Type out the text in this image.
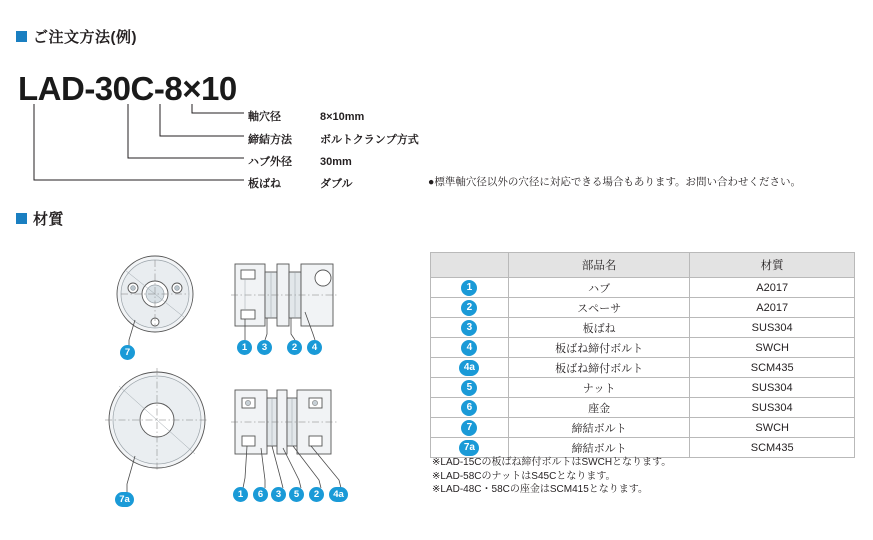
ご注文方法(例)
LAD-30C-8×10
軸穴径	8×10mm
締結方法	ボルトクランプ方式
ハブ外径	30mm
板ばね	ダブル	●標準軸穴径以外の穴径に対応できる場合もあります。お問い合わせください。
材質
7	1	3	2	4
7a	1	6	3	5	2	4a
	部品名	材質
1	ハブ	A2017
2	スペーサ	A2017
3	板ばね	SUS304
4	板ばね締付ボルト	SWCH
4a	板ばね締付ボルト	SCM435
5	ナット	SUS304
6	座金	SUS304
7	締結ボルト	SWCH
7a	締結ボルト	SCM435
※LAD-15Cの板ばね締付ボルトはSWCHとなります。
※LAD-58CのナットはS45Cとなります。
※LAD-48C・58Cの座金はSCM415となります。
